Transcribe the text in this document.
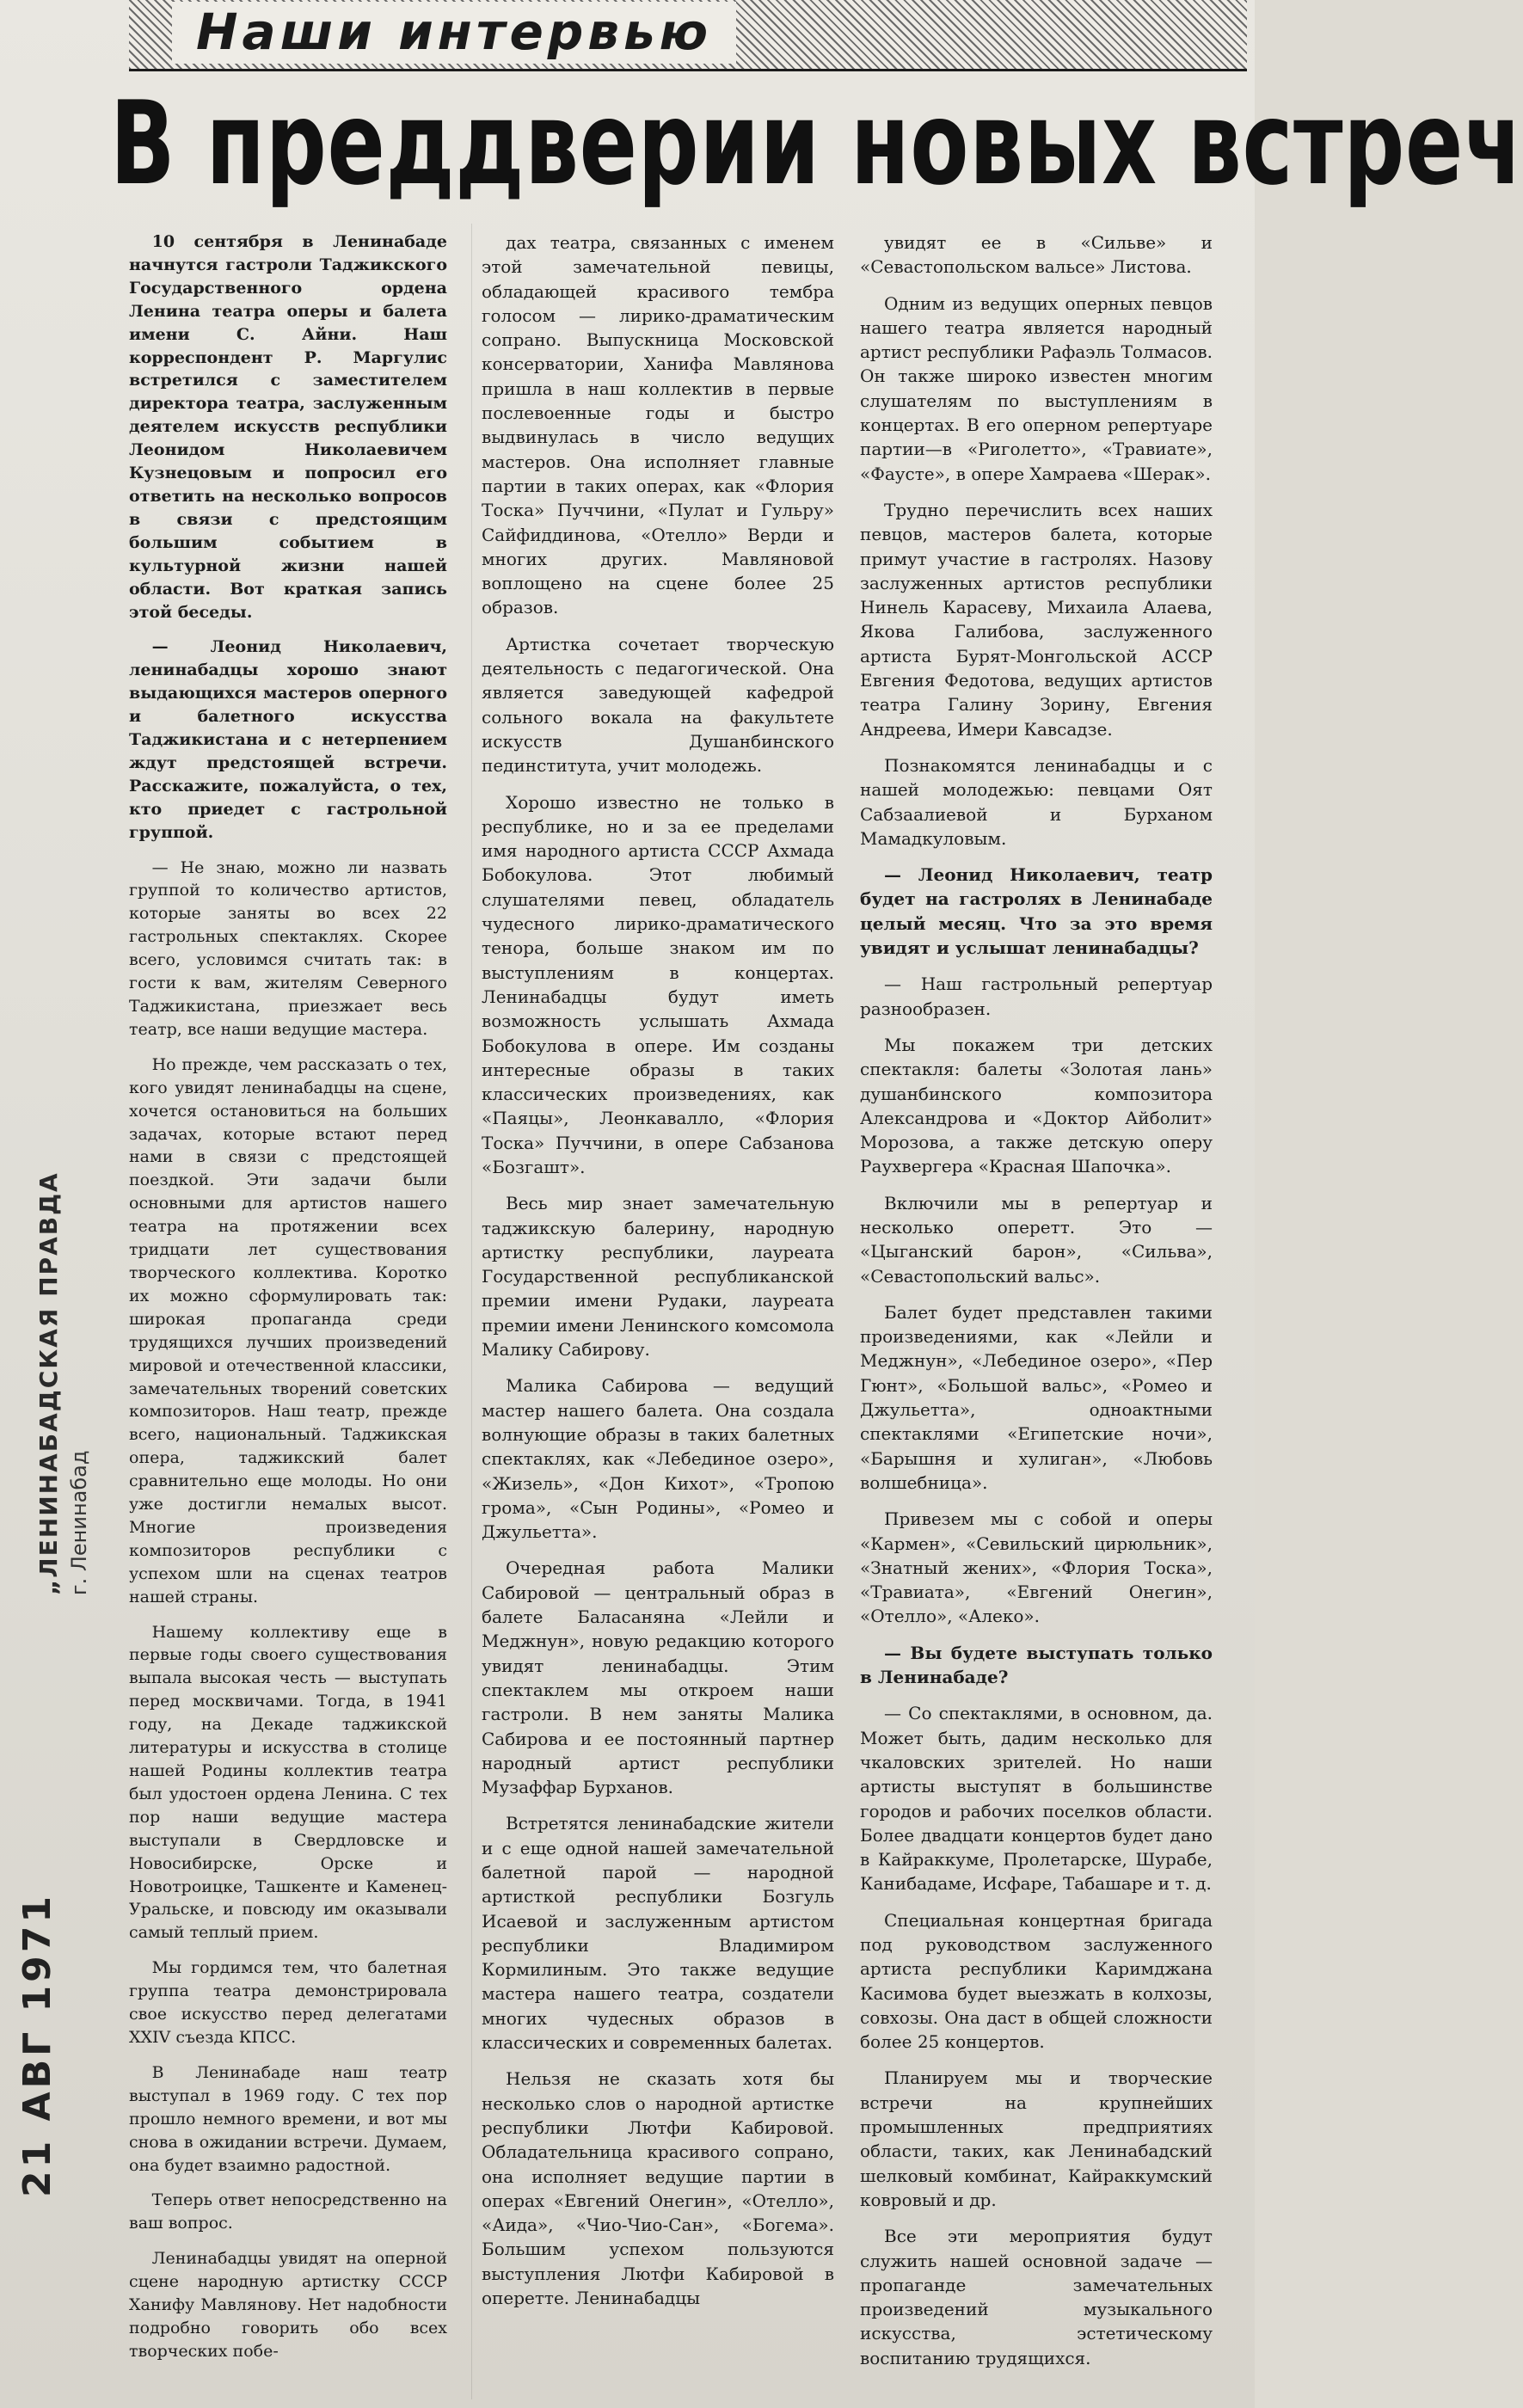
Наши интервью
В преддверии новых встреч

10 сентября в Ленинабаде начнутся гастроли Таджикского Государственного ордена Ленина театра оперы и балета имени С. Айни. Наш корреспондент Р. Маргулис встретился с заместителем директора театра, заслуженным деятелем искусств республики Леонидом Николаевичем Кузнецовым и попросил его ответить на несколько вопросов в связи с предстоящим большим событием в культурной жизни нашей области. Вот краткая запись этой беседы.

— Леонид Николаевич, ленинабадцы хорошо знают выдающихся мастеров оперного и балетного искусства Таджикистана и с нетерпением ждут предстоящей встречи. Расскажите, пожалуйста, о тех, кто приедет с гастрольной группой.

— Не знаю, можно ли назвать группой то количество артистов, которые заняты во всех 22 гастрольных спектаклях. Скорее всего, условимся считать так: в гости к вам, жителям Северного Таджикистана, приезжает весь театр, все наши ведущие мастера.

Но прежде, чем рассказать о тех, кого увидят ленинабадцы на сцене, хочется остановиться на больших задачах, которые встают перед нами в связи с предстоящей поездкой. Эти задачи были основными для артистов нашего театра на протяжении всех тридцати лет существования творческого коллектива. Коротко их можно сформулировать так: широкая пропаганда среди трудящихся лучших произведений мировой и отечественной классики, замечательных творений советских композиторов. Наш театр, прежде всего, национальный. Таджикская опера, таджикский балет сравнительно еще молоды. Но они уже достигли немалых высот. Многие произведения композиторов республики с успехом шли на сценах театров нашей страны.

Нашему коллективу еще в первые годы своего существования выпала высокая честь — выступать перед москвичами. Тогда, в 1941 году, на Декаде таджикской литературы и искусства в столице нашей Родины коллектив театра был удостоен ордена Ленина. С тех пор наши ведущие мастера выступали в Свердловске и Новосибирске, Орске и Новотроицке, Ташкенте и Каменец-Уральске, и повсюду им оказывали самый теплый прием.

Мы гордимся тем, что балетная группа театра демонстрировала свое искусство перед делегатами XXIV съезда КПСС.

В Ленинабаде наш театр выступал в 1969 году. С тех пор прошло немного времени, и вот мы снова в ожидании встречи. Думаем, она будет взаимно радостной.

Теперь ответ непосредственно на ваш вопрос.

Ленинабадцы увидят на оперной сцене народную артистку СССР Ханифу Мавлянову. Нет надобности подробно говорить обо всех творческих побе-

дах театра, связанных с именем этой замечательной певицы, обладающей красивого тембра голосом — лирико-драматическим сопрано. Выпускница Московской консерватории, Ханифа Мавлянова пришла в наш коллектив в первые послевоенные годы и быстро выдвинулась в число ведущих мастеров. Она исполняет главные партии в таких операх, как «Флория Тоска» Пуччини, «Пулат и Гульру» Сайфиддинова, «Отелло» Верди и многих других. Мавляновой воплощено на сцене более 25 образов.

Артистка сочетает творческую деятельность с педагогической. Она является заведующей кафедрой сольного вокала на факультете искусств Душанбинского пединститута, учит молодежь.

Хорошо известно не только в республике, но и за ее пределами имя народного артиста СССР Ахмада Бобокулова. Этот любимый слушателями певец, обладатель чудесного лирико-драматического тенора, больше знаком им по выступлениям в концертах. Ленинабадцы будут иметь возможность услышать Ахмада Бобокулова в опере. Им созданы интересные образы в таких классических произведениях, как «Паяцы», Леонкавалло, «Флория Тоска» Пуччини, в опере Сабзанова «Бозгашт».

Весь мир знает замечательную таджикскую балерину, народную артистку республики, лауреата Государственной республиканской премии имени Рудаки, лауреата премии имени Ленинского комсомола Малику Сабирову.

Малика Сабирова — ведущий мастер нашего балета. Она создала волнующие образы в таких балетных спектаклях, как «Лебединое озеро», «Жизель», «Дон Кихот», «Тропою грома», «Сын Родины», «Ромео и Джульетта».

Очередная работа Малики Сабировой — центральный образ в балете Баласаняна «Лейли и Меджнун», новую редакцию которого увидят ленинабадцы. Этим спектаклем мы откроем наши гастроли. В нем заняты Малика Сабирова и ее постоянный партнер народный артист республики Музаффар Бурханов.

Встретятся ленинабадские жители и с еще одной нашей замечательной балетной парой — народной артисткой республики Бозгуль Исаевой и заслуженным артистом республики Владимиром Кормилиным. Это также ведущие мастера нашего театра, создатели многих чудесных образов в классических и современных балетах.

Нельзя не сказать хотя бы несколько слов о народной артистке республики Лютфи Кабировой. Обладательница красивого сопрано, она исполняет ведущие партии в операх «Евгений Онегин», «Отелло», «Аида», «Чио-Чио-Сан», «Богема». Большим успехом пользуются выступления Лютфи Кабировой в оперетте. Ленинабадцы

увидят ее в «Сильве» и «Севастопольском вальсе» Листова.

Одним из ведущих оперных певцов нашего театра является народный артист республики Рафаэль Толмасов. Он также широко известен многим слушателям по выступлениям в концертах. В его оперном репертуаре партии—в «Риголетто», «Травиате», «Фаусте», в опере Хамраева «Шерак».

Трудно перечислить всех наших певцов, мастеров балета, которые примут участие в гастролях. Назову заслуженных артистов республики Нинель Карасеву, Михаила Алаева, Якова Галибова, заслуженного артиста Бурят-Монгольской АССР Евгения Федотова, ведущих артистов театра Галину Зорину, Евгения Андреева, Имери Кавсадзе.

Познакомятся ленинабадцы и с нашей молодежью: певцами Оят Сабзаалиевой и Бурханом Мамадкуловым.

— Леонид Николаевич, театр будет на гастролях в Ленинабаде целый месяц. Что за это время увидят и услышат ленинабадцы?

— Наш гастрольный репертуар разнообразен.

Мы покажем три детских спектакля: балеты «Золотая лань» душанбинского композитора Александрова и «Доктор Айболит» Морозова, а также детскую оперу Раухвергера «Красная Шапочка».

Включили мы в репертуар и несколько оперетт. Это — «Цыганский барон», «Сильва», «Севастопольский вальс».

Балет будет представлен такими произведениями, как «Лейли и Меджнун», «Лебединое озеро», «Пер Гюнт», «Большой вальс», «Ромео и Джульетта», одноактными спектаклями «Египетские ночи», «Барышня и хулиган», «Любовь волшебница».

Привезем мы с собой и оперы «Кармен», «Севильский цирюльник», «Знатный жених», «Флория Тоска», «Травиата», «Евгений Онегин», «Отелло», «Алеко».

— Вы будете выступать только в Ленинабаде?

— Со спектаклями, в основном, да. Может быть, дадим несколько для чкаловских зрителей. Но наши артисты выступят в большинстве городов и рабочих поселков области. Более двадцати концертов будет дано в Кайраккуме, Пролетарске, Шурабе, Канибадаме, Исфаре, Табашаре и т. д.

Специальная концертная бригада под руководством заслуженного артиста республики Каримджана Касимова будет выезжать в колхозы, совхозы. Она даст в общей сложности более 25 концертов.

Планируем мы и творческие встречи на крупнейших промышленных предприятиях области, таких, как Ленинабадский шелковый комбинат, Кайраккумский ковровый и др.

Все эти мероприятия будут служить нашей основной задаче — пропаганде замечательных произведений музыкального искусства, эстетическому воспитанию трудящихся.

„ЛЕНИНАБАДСКАЯ ПРАВДА г. Ленинабад
21 АВГ 1971
